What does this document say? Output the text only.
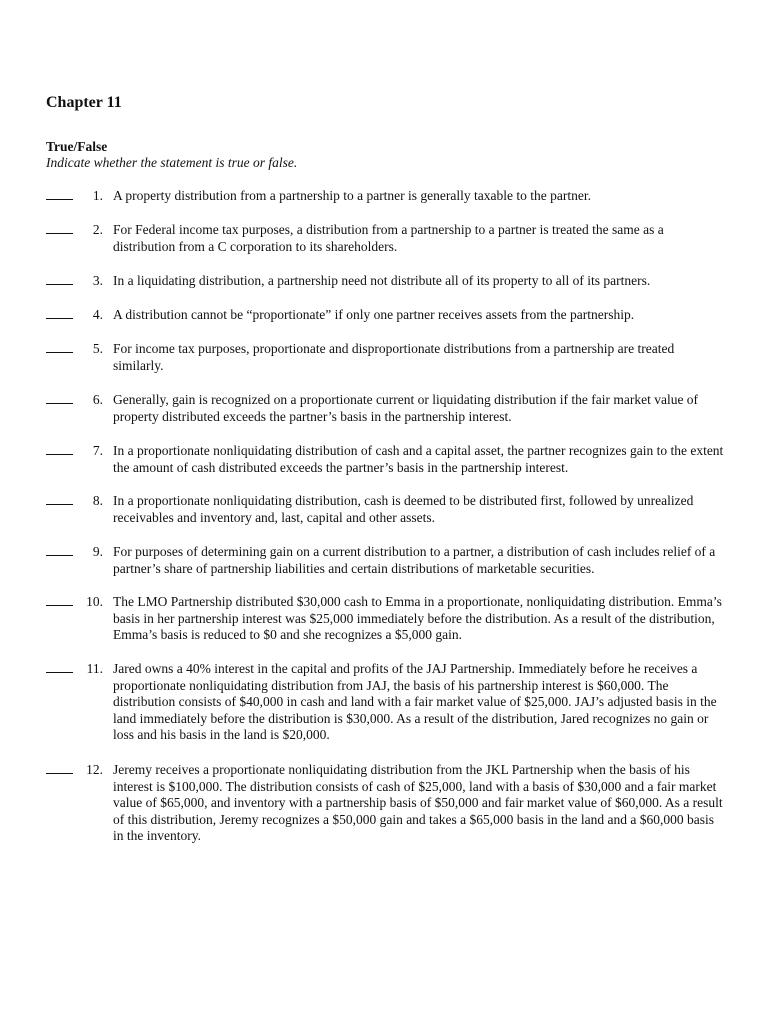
Chapter 11
True/False

Indicate whether the statement is true or false.

1. A property distribution from a partnership to a partner is generally taxable to the partner.
2. For Federal income tax purposes, a distribution from a partnership to a partner is treated the same as a distribution from a C corporation to its shareholders.
3. In a liquidating distribution, a partnership need not distribute all of its property to all of its partners.
4. A distribution cannot be “proportionate” if only one partner receives assets from the partnership.
5. For income tax purposes, proportionate and disproportionate distributions from a partnership are treated similarly.
6. Generally, gain is recognized on a proportionate current or liquidating distribution if the fair market value of property distributed exceeds the partner’s basis in the partnership interest.
7. In a proportionate nonliquidating distribution of cash and a capital asset, the partner recognizes gain to the extent the amount of cash distributed exceeds the partner’s basis in the partnership interest.
8. In a proportionate nonliquidating distribution, cash is deemed to be distributed first, followed by unrealized receivables and inventory and, last, capital and other assets.
9. For purposes of determining gain on a current distribution to a partner, a distribution of cash includes relief of a partner’s share of partnership liabilities and certain distributions of marketable securities.
10. The LMO Partnership distributed $30,000 cash to Emma in a proportionate, nonliquidating distribution. Emma’s basis in her partnership interest was $25,000 immediately before the distribution. As a result of the distribution, Emma’s basis is reduced to $0 and she recognizes a $5,000 gain.
11. Jared owns a 40% interest in the capital and profits of the JAJ Partnership. Immediately before he receives a proportionate nonliquidating distribution from JAJ, the basis of his partnership interest is $60,000. The distribution consists of $40,000 in cash and land with a fair market value of $25,000. JAJ’s adjusted basis in the land immediately before the distribution is $30,000. As a result of the distribution, Jared recognizes no gain or loss and his basis in the land is $20,000.
12. Jeremy receives a proportionate nonliquidating distribution from the JKL Partnership when the basis of his interest is $100,000. The distribution consists of cash of $25,000, land with a basis of $30,000 and a fair market value of $65,000, and inventory with a partnership basis of $50,000 and fair market value of $60,000. As a result of this distribution, Jeremy recognizes a $50,000 gain and takes a $65,000 basis in the land and a $60,000 basis in the inventory.
